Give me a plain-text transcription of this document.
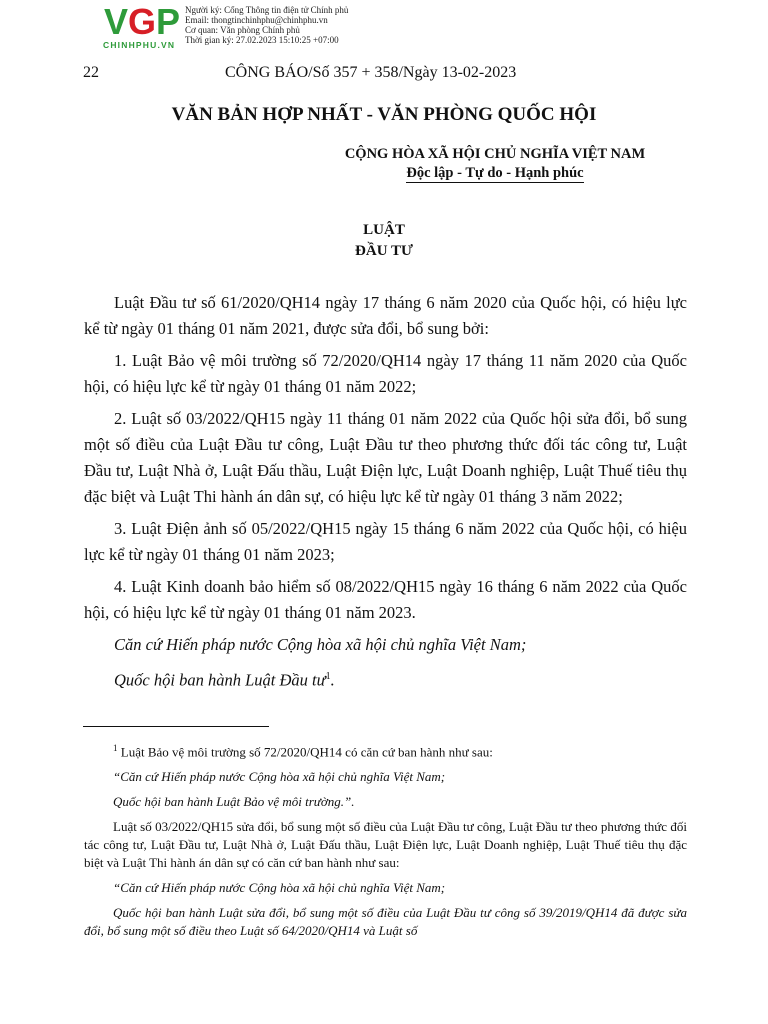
VGP
CHINHPHU.VN
Người ký: Cổng Thông tin điện tử Chính phủ
Email: thongtinchinhphu@chinhphu.vn
Cơ quan: Văn phòng Chính phủ
Thời gian ký: 27.02.2023 15:10:25 +07:00
22	CÔNG BÁO/Số 357 + 358/Ngày 13-02-2023
VĂN BẢN HỢP NHẤT - VĂN PHÒNG QUỐC HỘI
CỘNG HÒA XÃ HỘI CHỦ NGHĨA VIỆT NAM
Độc lập - Tự do - Hạnh phúc
LUẬT
ĐẦU TƯ

Luật Đầu tư số 61/2020/QH14 ngày 17 tháng 6 năm 2020 của Quốc hội, có hiệu lực kể từ ngày 01 tháng 01 năm 2021, được sửa đổi, bổ sung bởi:

1. Luật Bảo vệ môi trường số 72/2020/QH14 ngày 17 tháng 11 năm 2020 của Quốc hội, có hiệu lực kể từ ngày 01 tháng 01 năm 2022;

2. Luật số 03/2022/QH15 ngày 11 tháng 01 năm 2022 của Quốc hội sửa đổi, bổ sung một số điều của Luật Đầu tư công, Luật Đầu tư theo phương thức đối tác công tư, Luật Đầu tư, Luật Nhà ở, Luật Đấu thầu, Luật Điện lực, Luật Doanh nghiệp, Luật Thuế tiêu thụ đặc biệt và Luật Thi hành án dân sự, có hiệu lực kể từ ngày 01 tháng 3 năm 2022;

3. Luật Điện ảnh số 05/2022/QH15 ngày 15 tháng 6 năm 2022 của Quốc hội, có hiệu lực kể từ ngày 01 tháng 01 năm 2023;

4. Luật Kinh doanh bảo hiểm số 08/2022/QH15 ngày 16 tháng 6 năm 2022 của Quốc hội, có hiệu lực kể từ ngày 01 tháng 01 năm 2023.

Căn cứ Hiến pháp nước Cộng hòa xã hội chủ nghĩa Việt Nam;

Quốc hội ban hành Luật Đầu $tư^1$.

$^1$ Luật Bảo vệ môi trường số 72/2020/QH14 có căn cứ ban hành như sau:

“Căn cứ Hiến pháp nước Cộng hòa xã hội chủ nghĩa Việt Nam;

Quốc hội ban hành Luật Bảo vệ môi trường.”.

Luật số 03/2022/QH15 sửa đổi, bổ sung một số điều của Luật Đầu tư công, Luật Đầu tư theo phương thức đối tác công tư, Luật Đầu tư, Luật Nhà ở, Luật Đấu thầu, Luật Điện lực, Luật Doanh nghiệp, Luật Thuế tiêu thụ đặc biệt và Luật Thi hành án dân sự có căn cứ ban hành như sau:

“Căn cứ Hiến pháp nước Cộng hòa xã hội chủ nghĩa Việt Nam;

Quốc hội ban hành Luật sửa đổi, bổ sung một số điều của Luật Đầu tư công số 39/2019/QH14 đã được sửa đổi, bổ sung một số điều theo Luật số 64/2020/QH14 và Luật số
